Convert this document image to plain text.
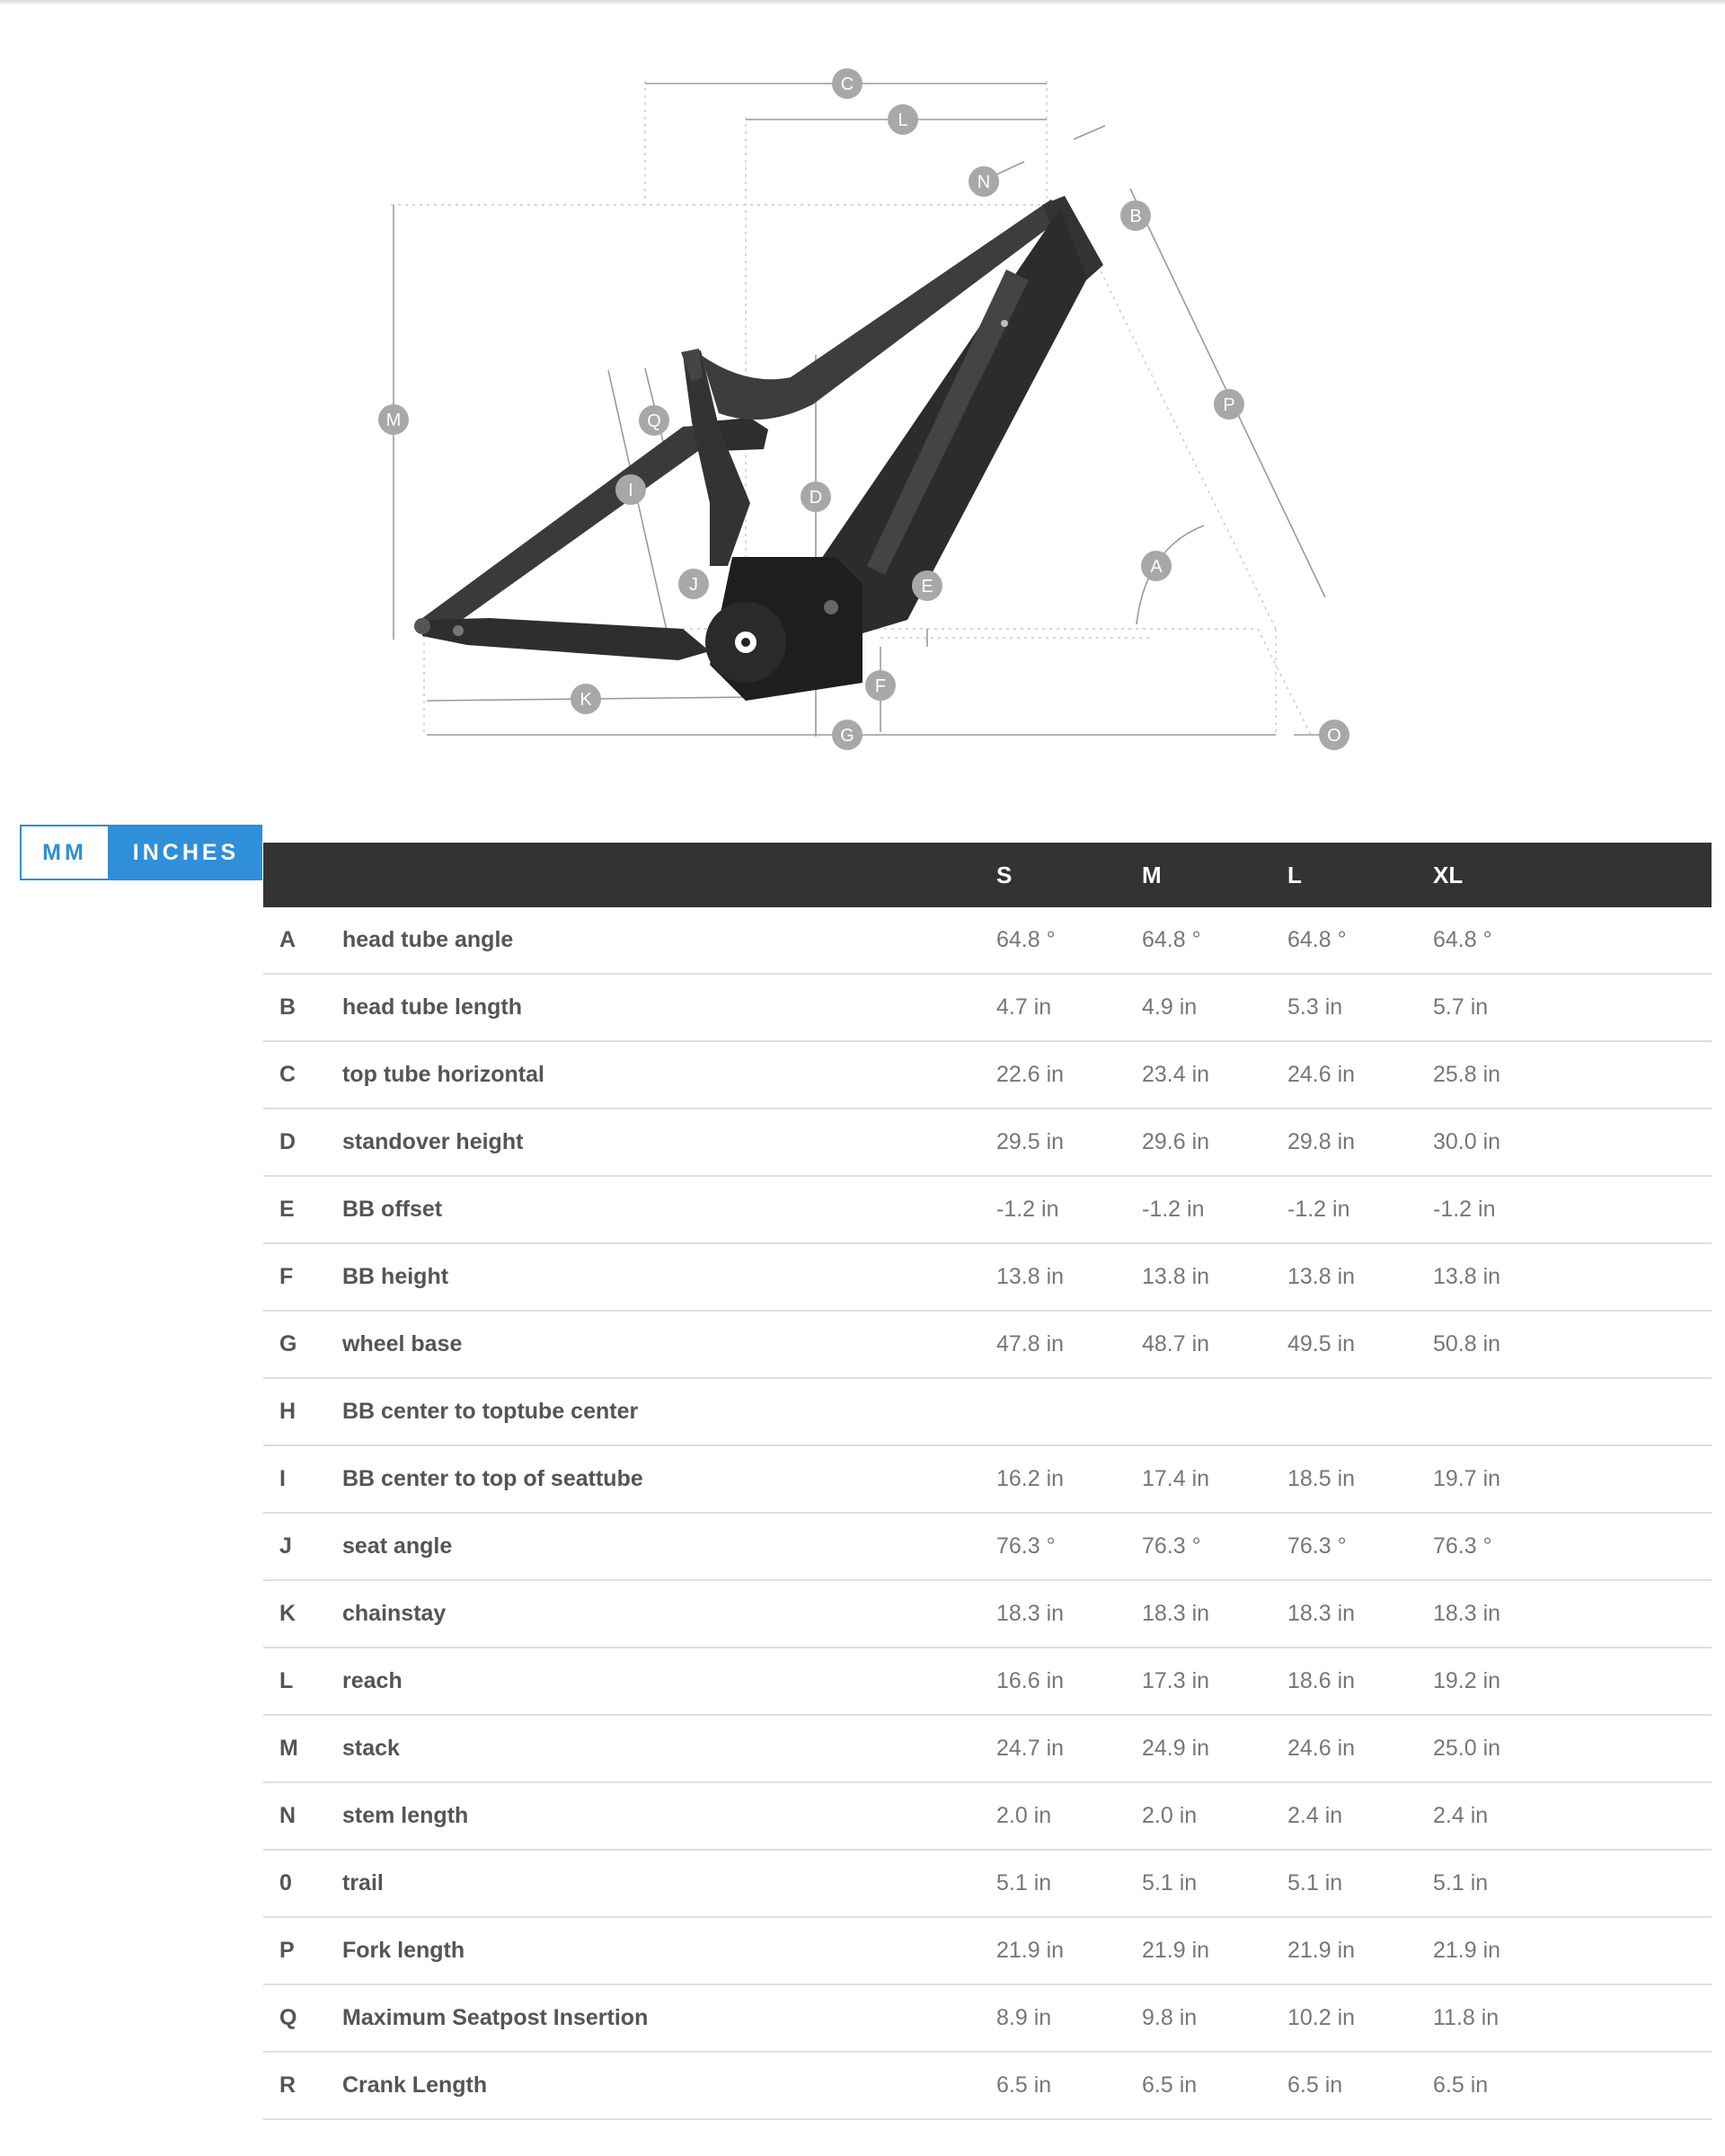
A
B
C
D
E
F
G
I
J
K
L
M
N
O
P
Q
MM	INCHES
		S	M	L	XL
A	head tube angle	64.8 °	64.8 °	64.8 °	64.8 °
B	head tube length	4.7 in	4.9 in	5.3 in	5.7 in
C	top tube horizontal	22.6 in	23.4 in	24.6 in	25.8 in
D	standover height	29.5 in	29.6 in	29.8 in	30.0 in
E	BB offset	-1.2 in	-1.2 in	-1.2 in	-1.2 in
F	BB height	13.8 in	13.8 in	13.8 in	13.8 in
G	wheel base	47.8 in	48.7 in	49.5 in	50.8 in
H	BB center to toptube center				
I	BB center to top of seattube	16.2 in	17.4 in	18.5 in	19.7 in
J	seat angle	76.3 °	76.3 °	76.3 °	76.3 °
K	chainstay	18.3 in	18.3 in	18.3 in	18.3 in
L	reach	16.6 in	17.3 in	18.6 in	19.2 in
M	stack	24.7 in	24.9 in	24.6 in	25.0 in
N	stem length	2.0 in	2.0 in	2.4 in	2.4 in
0	trail	5.1 in	5.1 in	5.1 in	5.1 in
P	Fork length	21.9 in	21.9 in	21.9 in	21.9 in
Q	Maximum Seatpost Insertion	8.9 in	9.8 in	10.2 in	11.8 in
R	Crank Length	6.5 in	6.5 in	6.5 in	6.5 in
